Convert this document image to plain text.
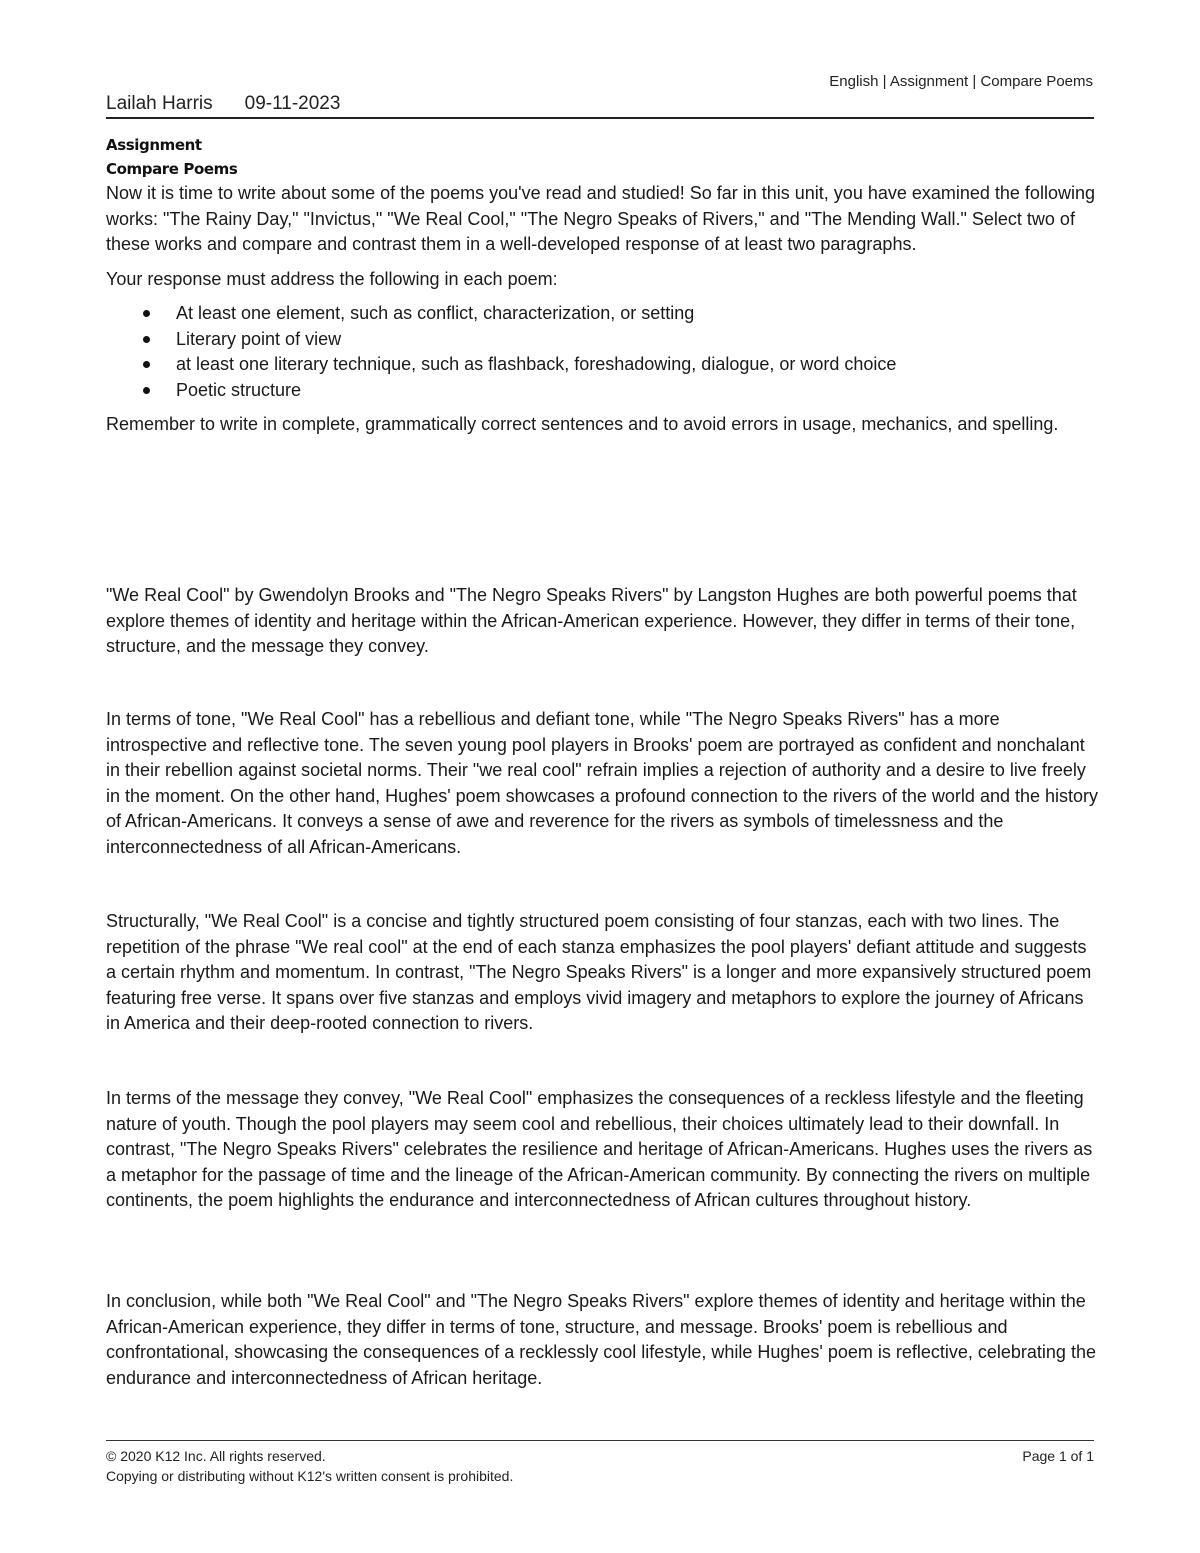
English | Assignment | Compare Poems
Lailah Harris 09-11-2023
Assignment
Compare Poems

Now it is time to write about some of the poems you've read and studied! So far in this unit, you have examined the following works: "The Rainy Day," "Invictus," "We Real Cool," "The Negro Speaks of Rivers," and "The Mending Wall." Select two of these works and compare and contrast them in a well-developed response of at least two paragraphs.

Your response must address the following in each poem:

At least one element, such as conflict, characterization, or setting
Literary point of view
at least one literary technique, such as flashback, foreshadowing, dialogue, or word choice
Poetic structure

Remember to write in complete, grammatically correct sentences and to avoid errors in usage, mechanics, and spelling.

"We Real Cool" by Gwendolyn Brooks and "The Negro Speaks Rivers" by Langston Hughes are both powerful poems that explore themes of identity and heritage within the African-American experience. However, they differ in terms of their tone, structure, and the message they convey.

In terms of tone, "We Real Cool" has a rebellious and defiant tone, while "The Negro Speaks Rivers" has a more introspective and reflective tone. The seven young pool players in Brooks' poem are portrayed as confident and nonchalant in their rebellion against societal norms. Their "we real cool" refrain implies a rejection of authority and a desire to live freely in the moment. On the other hand, Hughes' poem showcases a profound connection to the rivers of the world and the history of African-Americans. It conveys a sense of awe and reverence for the rivers as symbols of timelessness and the interconnectedness of all African-Americans.

Structurally, "We Real Cool" is a concise and tightly structured poem consisting of four stanzas, each with two lines. The repetition of the phrase "We real cool" at the end of each stanza emphasizes the pool players' defiant attitude and suggests a certain rhythm and momentum. In contrast, "The Negro Speaks Rivers" is a longer and more expansively structured poem featuring free verse. It spans over five stanzas and employs vivid imagery and metaphors to explore the journey of Africans in America and their deep-rooted connection to rivers.

In terms of the message they convey, "We Real Cool" emphasizes the consequences of a reckless lifestyle and the fleeting nature of youth. Though the pool players may seem cool and rebellious, their choices ultimately lead to their downfall. In contrast, "The Negro Speaks Rivers" celebrates the resilience and heritage of African-Americans. Hughes uses the rivers as a metaphor for the passage of time and the lineage of the African-American community. By connecting the rivers on multiple continents, the poem highlights the endurance and interconnectedness of African cultures throughout history.

In conclusion, while both "We Real Cool" and "The Negro Speaks Rivers" explore themes of identity and heritage within the African-American experience, they differ in terms of tone, structure, and message. Brooks' poem is rebellious and confrontational, showcasing the consequences of a recklessly cool lifestyle, while Hughes' poem is reflective, celebrating the endurance and interconnectedness of African heritage.

© 2020 K12 Inc. All rights reserved.
Copying or distributing without K12's written consent is prohibited.
Page 1 of 1
